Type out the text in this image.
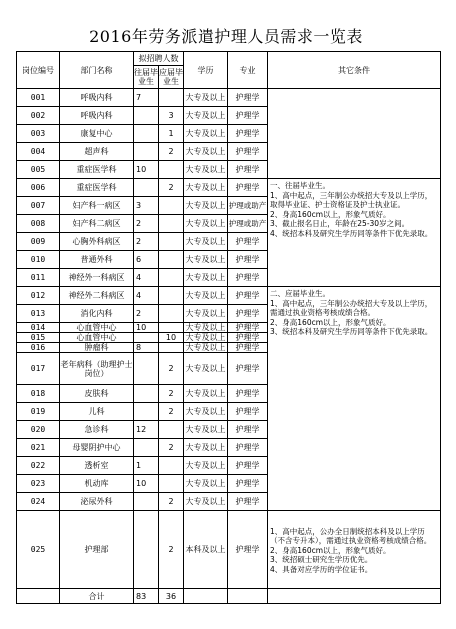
2016年劳务派遣护理人员需求一览表
岗位编号	部门名称	拟招聘人数		学历	专业	其它条件
		往届毕业生	应届毕业生			
001	呼吸内科	7		大专及以上	护理学	
002	呼吸内科		3	大专及以上	护理学	
003	康复中心		1	大专及以上	护理学	
004	超声科		2	大专及以上	护理学	
005	重症医学科	10		大专及以上	护理学	
006	重症医学科		2	大专及以上	护理学	一、往届毕业生。
1、高中起点，三年制公办统招大专及以上学历，取得毕业证、护士资格证及护士执业证。
2、身高160cm以上，形象气质好。
3、截止报名日止，年龄在25-30岁之间。
4、统招本科及研究生学历同等条件下优先录取。

007	妇产科一病区	3		大专及以上	护理或助产	
008	妇产科二病区	2		大专及以上	护理或助产	
009	心胸外科病区	2		大专及以上	护理学	
010	普通外科	6		大专及以上	护理学	
011	神经外一科病区	4		大专及以上	护理学	
012	神经外二科病区	4		大专及以上	护理学	二、应届毕业生。
1、高中起点，三年制公办统招大专及以上学历，需通过执业资格考核成绩合格。
2、身高160cm以上，形象气质好。
3、统招本科及研究生学历同等条件下优先录取。

013	消化内科	2		大专及以上	护理学	
014	心血管中心	10		大专及以上	护理学	
015	心血管中心		10	大专及以上	护理学	
016	肿瘤科	8		大专及以上	护理学	
017	老年病科（助理护士岗位）		2	大专及以上	护理学	
018	皮肤科		2	大专及以上	护理学	
019	儿科		2	大专及以上	护理学	
020	急诊科	12		大专及以上	护理学	
021	母婴阴护中心		2	大专及以上	护理学	
022	透析室	1		大专及以上	护理学	
023	机动库	10		大专及以上	护理学	
024	泌尿外科		2	大专及以上	护理学	
025	护理部		2	本科及以上	护理学	1、高中起点，公办全日制统招本科及以上学历（不含专升本），需通过执业资格考核成绩合格。
2、身高160cm以上，形象气质好。
3、统招硕士研究生学历优先。
4、具备对应学历的学位证书。

	合计	83	36			
